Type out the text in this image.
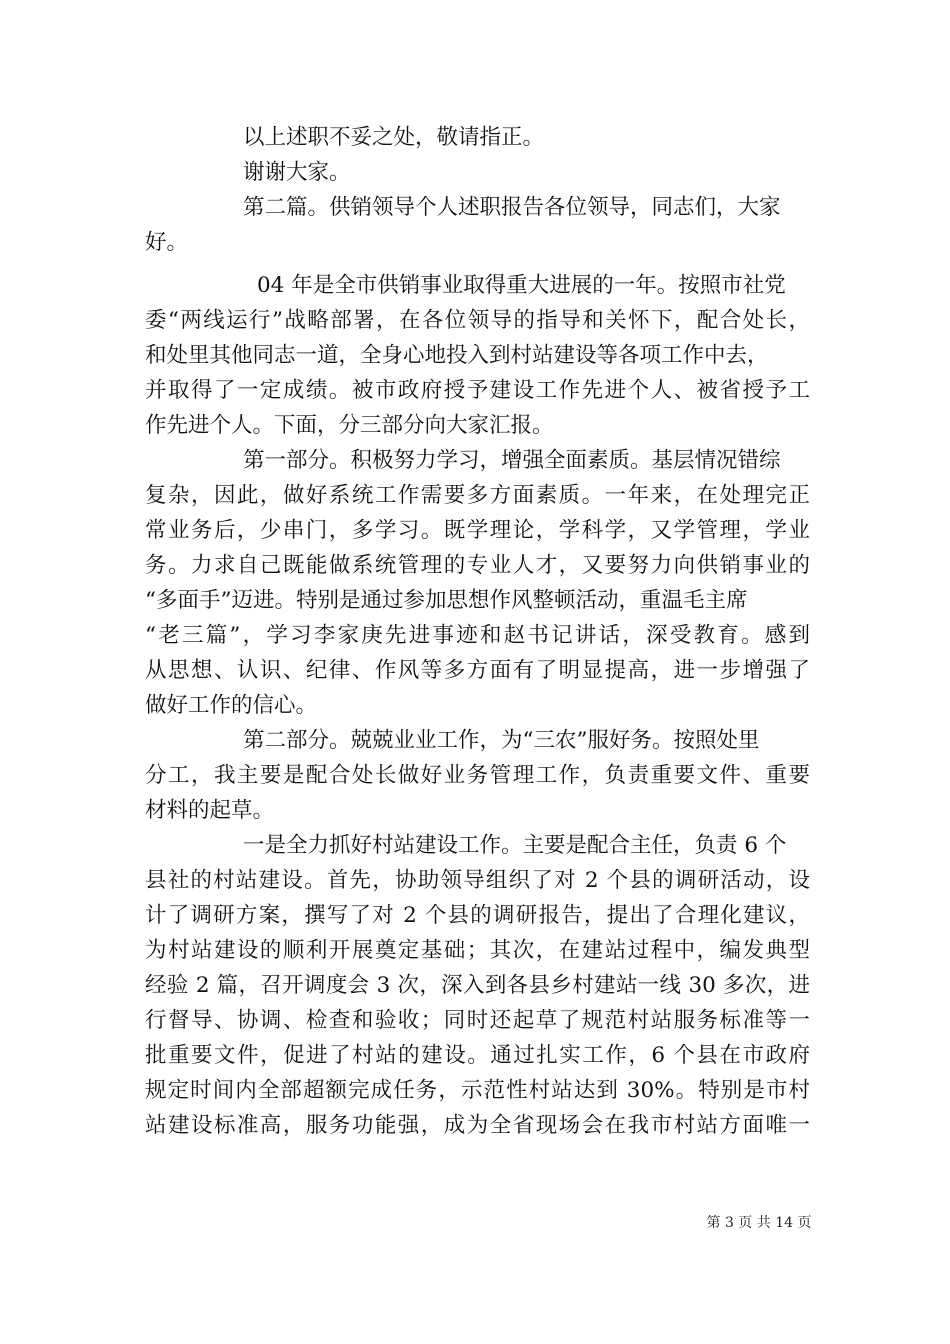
以上述职不妥之处，敬请指正。
谢谢大家。
第二篇。供销领导个人述职报告各位领导，同志们，大家
好。
04 年是全市供销事业取得重大进展的一年。按照市社党
委“两线运行”战略部署，在各位领导的指导和关怀下，配合处长，
和处里其他同志一道，全身心地投入到村站建设等各项工作中去，
并取得了一定成绩。被市政府授予建设工作先进个人、被省授予工
作先进个人。下面，分三部分向大家汇报。
第一部分。积极努力学习，增强全面素质。基层情况错综
复杂，因此，做好系统工作需要多方面素质。一年来，在处理完正
常业务后，少串门，多学习。既学理论，学科学，又学管理，学业
务。力求自己既能做系统管理的专业人才，又要努力向供销事业的
“多面手”迈进。特别是通过参加思想作风整顿活动，重温毛主席
“老三篇”，学习李家庚先进事迹和赵书记讲话，深受教育。感到
从思想、认识、纪律、作风等多方面有了明显提高，进一步增强了
做好工作的信心。
第二部分。兢兢业业工作，为“三农”服好务。按照处里
分工，我主要是配合处长做好业务管理工作，负责重要文件、重要
材料的起草。
一是全力抓好村站建设工作。主要是配合主任，负责 6 个
县社的村站建设。首先，协助领导组织了对 2 个县的调研活动，设
计了调研方案，撰写了对 2 个县的调研报告，提出了合理化建议，
为村站建设的顺利开展奠定基础；其次，在建站过程中，编发典型
经验 2 篇，召开调度会 3 次，深入到各县乡村建站一线 30 多次，进
行督导、协调、检查和验收；同时还起草了规范村站服务标准等一
批重要文件，促进了村站的建设。通过扎实工作，6 个县在市政府
规定时间内全部超额完成任务，示范性村站达到 30%。特别是市村
站建设标准高，服务功能强，成为全省现场会在我市村站方面唯一
第 3 页 共 14 页
